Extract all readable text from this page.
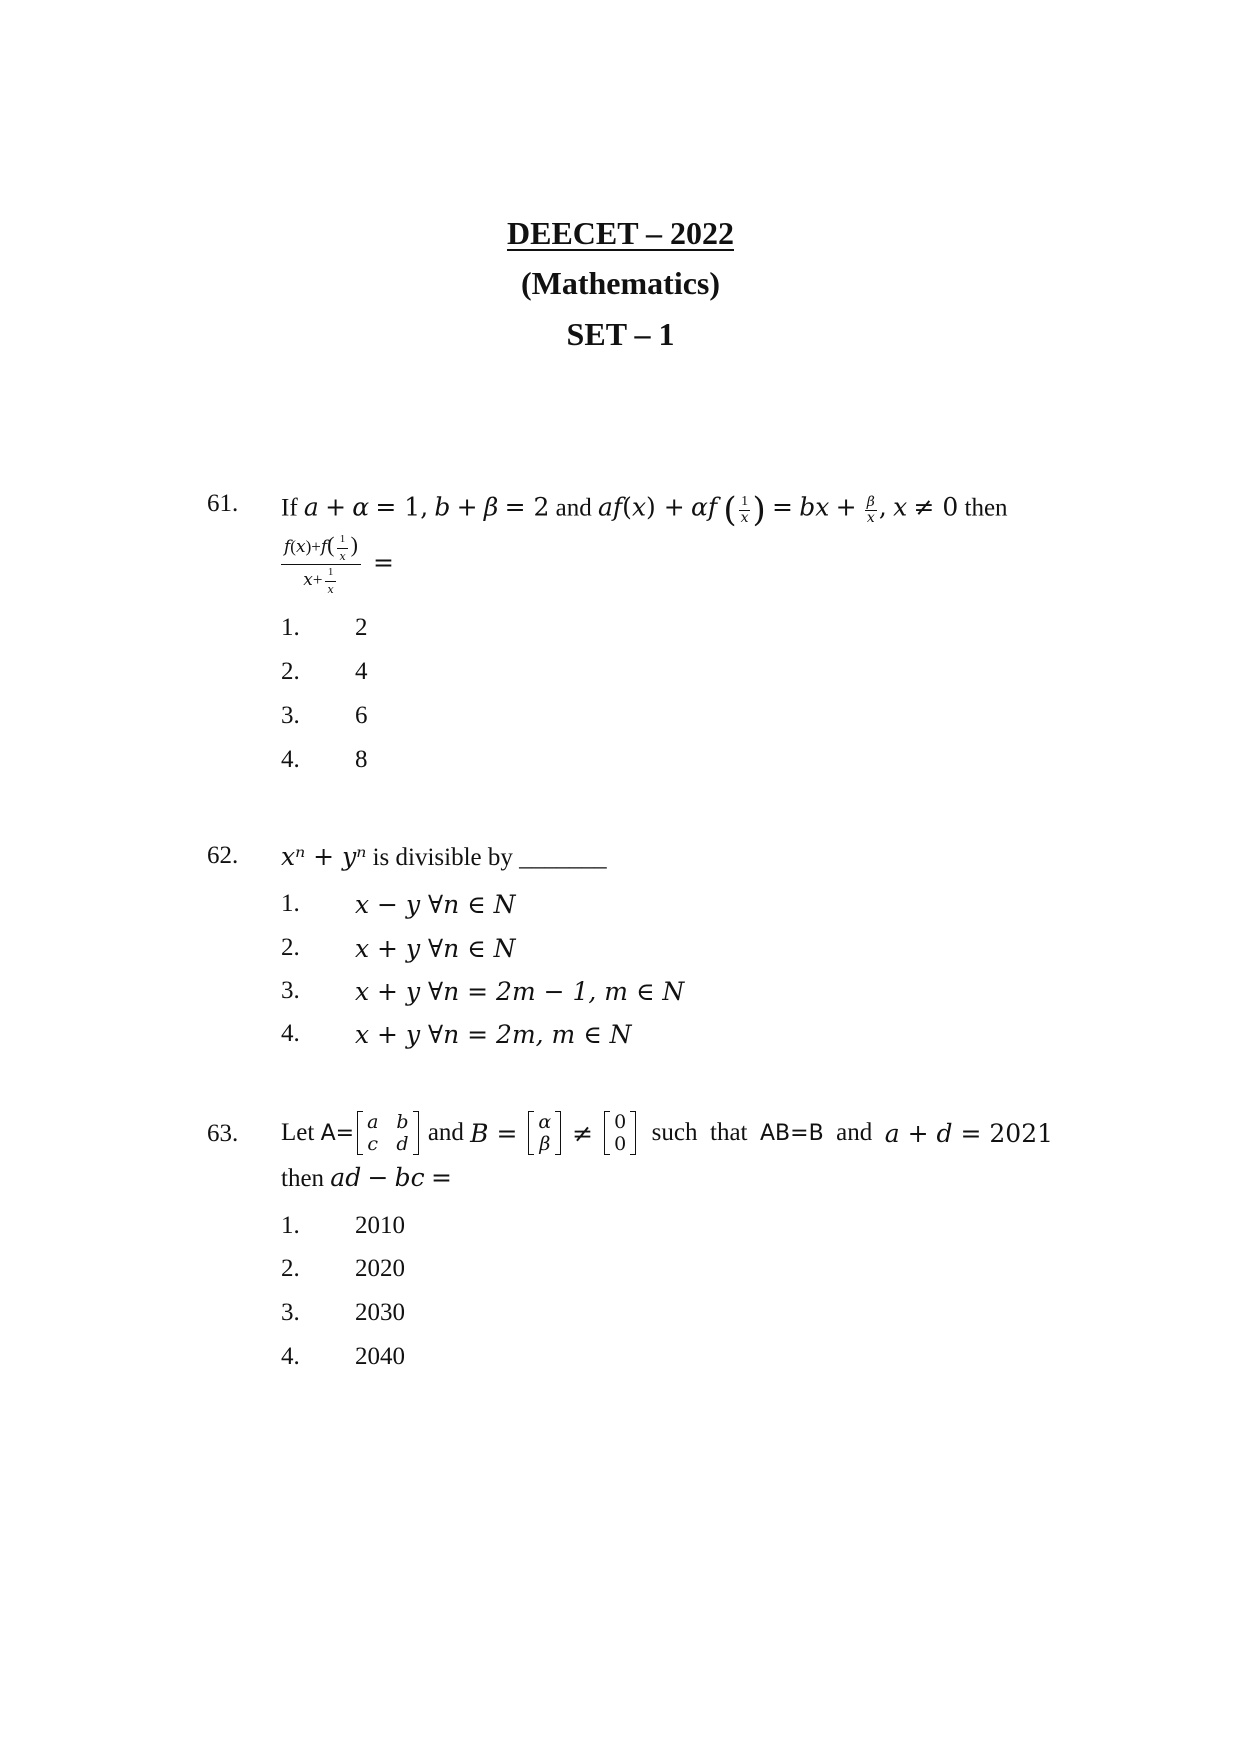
DEECET – 2022
(Mathematics)
SET – 1
61. If a + α = 1, b + β = 2 and af(x) + αf ( $\frac{1}{x}$ ) = bx + $\frac{\beta}{x}$ , x ≠ 0 then
$\frac{f(x)+f( \frac{1}{x} )}{x+ \frac{1}{x}}$ =
1. 2
2. 4
3. 6
4. 8
62. xⁿ + yⁿ is divisible by _______
1. x − y ∀n ∈ N
2. x + y ∀n ∈ N
3. x + y ∀n = 2m − 1, m ∈ N
4. x + y ∀n = 2m, m ∈ N
63. Let A= a b
c d and B = α
β ≠ 0
0 such  that AB=B and a + d = 2021
then ad − bc =
1. 2010
2. 2020
3. 2030
4. 2040
